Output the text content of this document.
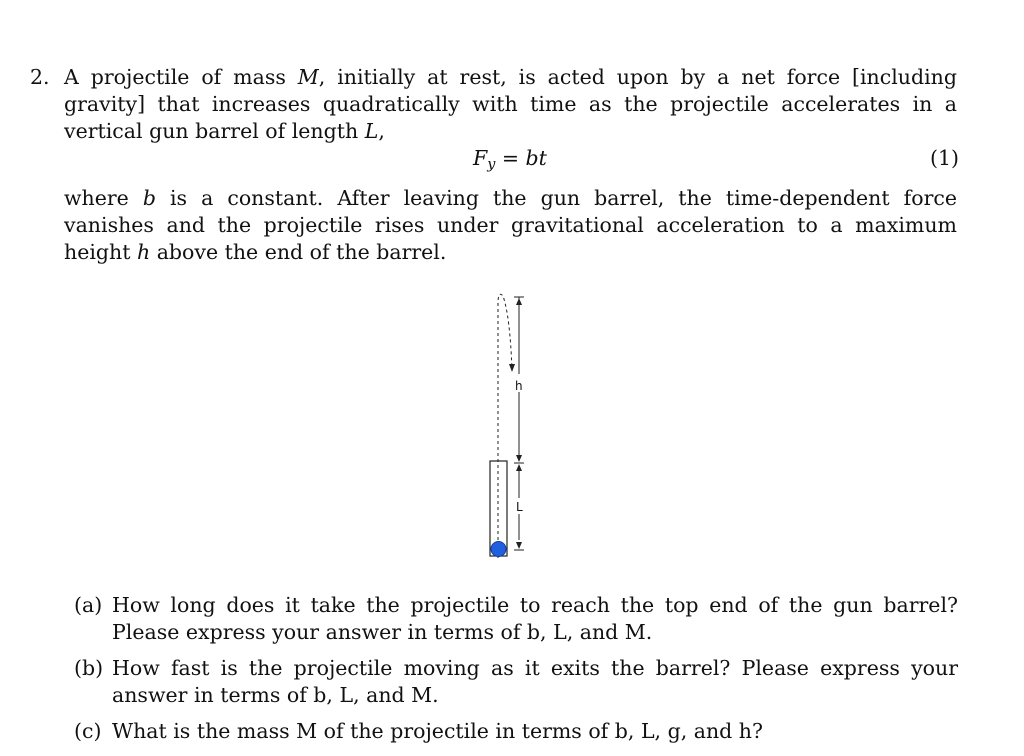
2. A projectile of mass M, initially at rest, is acted upon by a net force [including gravity] that increases quadratically with time as the projectile accelerates in a vertical gun barrel of length L,
$F_y$ = bt	(1)
where b is a constant. After leaving the gun barrel, the time-dependent force vanishes and the projectile rises under gravitational acceleration to a maximum height h above the end of the barrel.
h
L
(a) How long does it take the projectile to reach the top end of the gun barrel? Please express your answer in terms of b, L, and M.
(b) How fast is the projectile moving as it exits the barrel? Please express your answer in terms of b, L, and M.
(c) What is the mass M of the projectile in terms of b, L, g, and h?
